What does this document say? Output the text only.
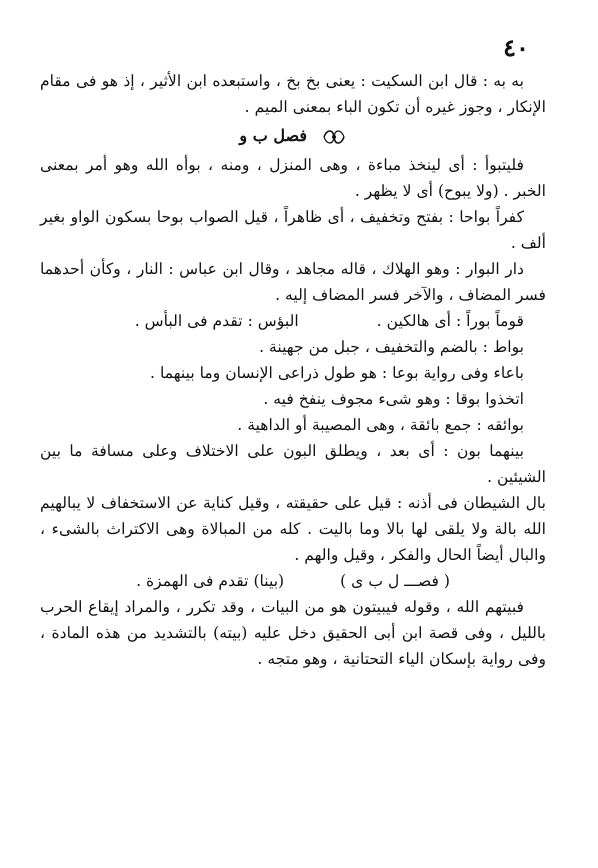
٤٠

به به : قال ابن السكيت : يعنى بخ بخ ، واستبعده ابن الأثير ، إذ هو فى مقام الإنكار ، وجوز غيره أن تكون الباء بمعنى الميم .

فصل ب و

فليتبوأ : أى لينخذ مباءة ، وهى المنزل ، ومنه ، بوأه الله وهو أمر بمعنى الخبر . (ولا يبوح) أى لا يظهر .

كفراً بواحا : بفتح وتخفيف ، أى ظاهراً ، قيل الصواب بوحا بسكون الواو بغير ألف .

دار البوار : وهو الهلاك ، قاله مجاهد ، وقال ابن عباس : النار ، وكأن أحدهما فسر المضاف ، والآخر فسر المضاف إليه .

قوماً بوراً : أى هالكين .
البؤس : تقدم فى البأس .

بواط : بالضم والتخفيف ، جبل من جهينة .

باعاء وفى رواية بوعا : هو طول ذراعى الإنسان وما بينهما .

اتخذوا بوقا : وهو شىء مجوف ينفخ فيه .

بوائقه : جمع بائقة ، وهى المصيبة أو الداهية .

بينهما بون : أى بعد ، ويطلق البون على الاختلاف وعلى مسافة ما بين الشيئين .

بال الشيطان فى أذنه : قيل على حقيقته ، وقيل كناية عن الاستخفاف لا يبالهيم الله بالة ولا يلقى لها بالا وما باليت . كله من المبالاة وهى الاكتراث بالشىء ، والبال أيضاً الحال والفكر ، وقيل والهم .

( فصـــ ل ب ى )
(بينا) تقدم فى الهمزة .

فبيتهم الله ، وقوله فيبيتون هو من البيات ، وقد تكرر ، والمراد إيقاع الحرب بالليل ، وفى قصة ابن أبى الحقيق دخل عليه (بيته) بالتشديد من هذه المادة ، وفى رواية بإسكان الياء التحتانية ، وهو متجه .
